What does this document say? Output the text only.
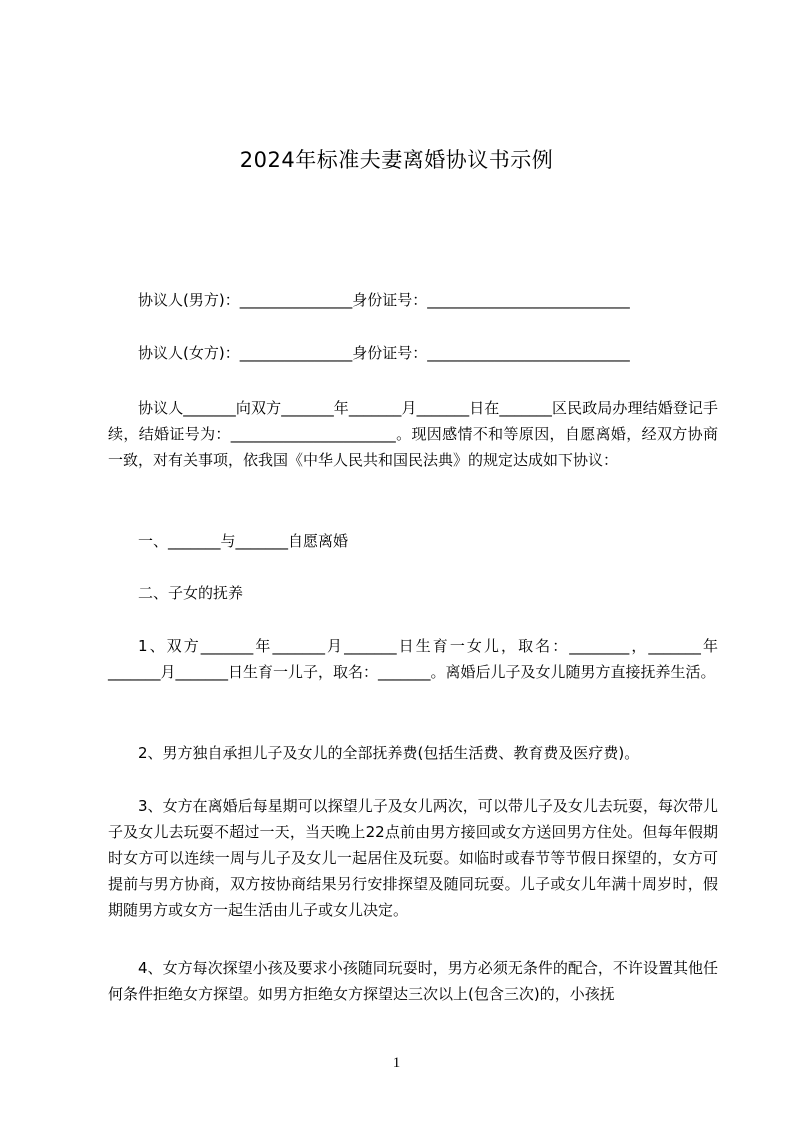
2024年标准夫妻离婚协议书示例

协议人(男方)：_______________身份证号：___________________________

协议人(女方)：_______________身份证号：___________________________

协议人_______向双方_______年_______月_______日在_______区民政局办理结婚登记手续，结婚证号为：______________________。现因感情不和等原因，自愿离婚，经双方协商一致，对有关事项，依我国《中华人民共和国民法典》的规定达成如下协议：

一、_______与_______自愿离婚

二、子女的抚养

1、双方_______年_______月_______日生育一女儿，取名：________，_______年_______月_______日生育一儿子，取名：_______。离婚后儿子及女儿随男方直接抚养生活。

2、男方独自承担儿子及女儿的全部抚养费(包括生活费、教育费及医疗费)。

3、女方在离婚后每星期可以探望儿子及女儿两次，可以带儿子及女儿去玩耍，每次带儿子及女儿去玩耍不超过一天，当天晚上22点前由男方接回或女方送回男方住处。但每年假期时女方可以连续一周与儿子及女儿一起居住及玩耍。如临时或春节等节假日探望的，女方可提前与男方协商，双方按协商结果另行安排探望及随同玩耍。儿子或女儿年满十周岁时，假期随男方或女方一起生活由儿子或女儿决定。

4、女方每次探望小孩及要求小孩随同玩耍时，男方必须无条件的配合，不许设置其他任何条件拒绝女方探望。如男方拒绝女方探望达三次以上(包含三次)的，小孩抚

1
